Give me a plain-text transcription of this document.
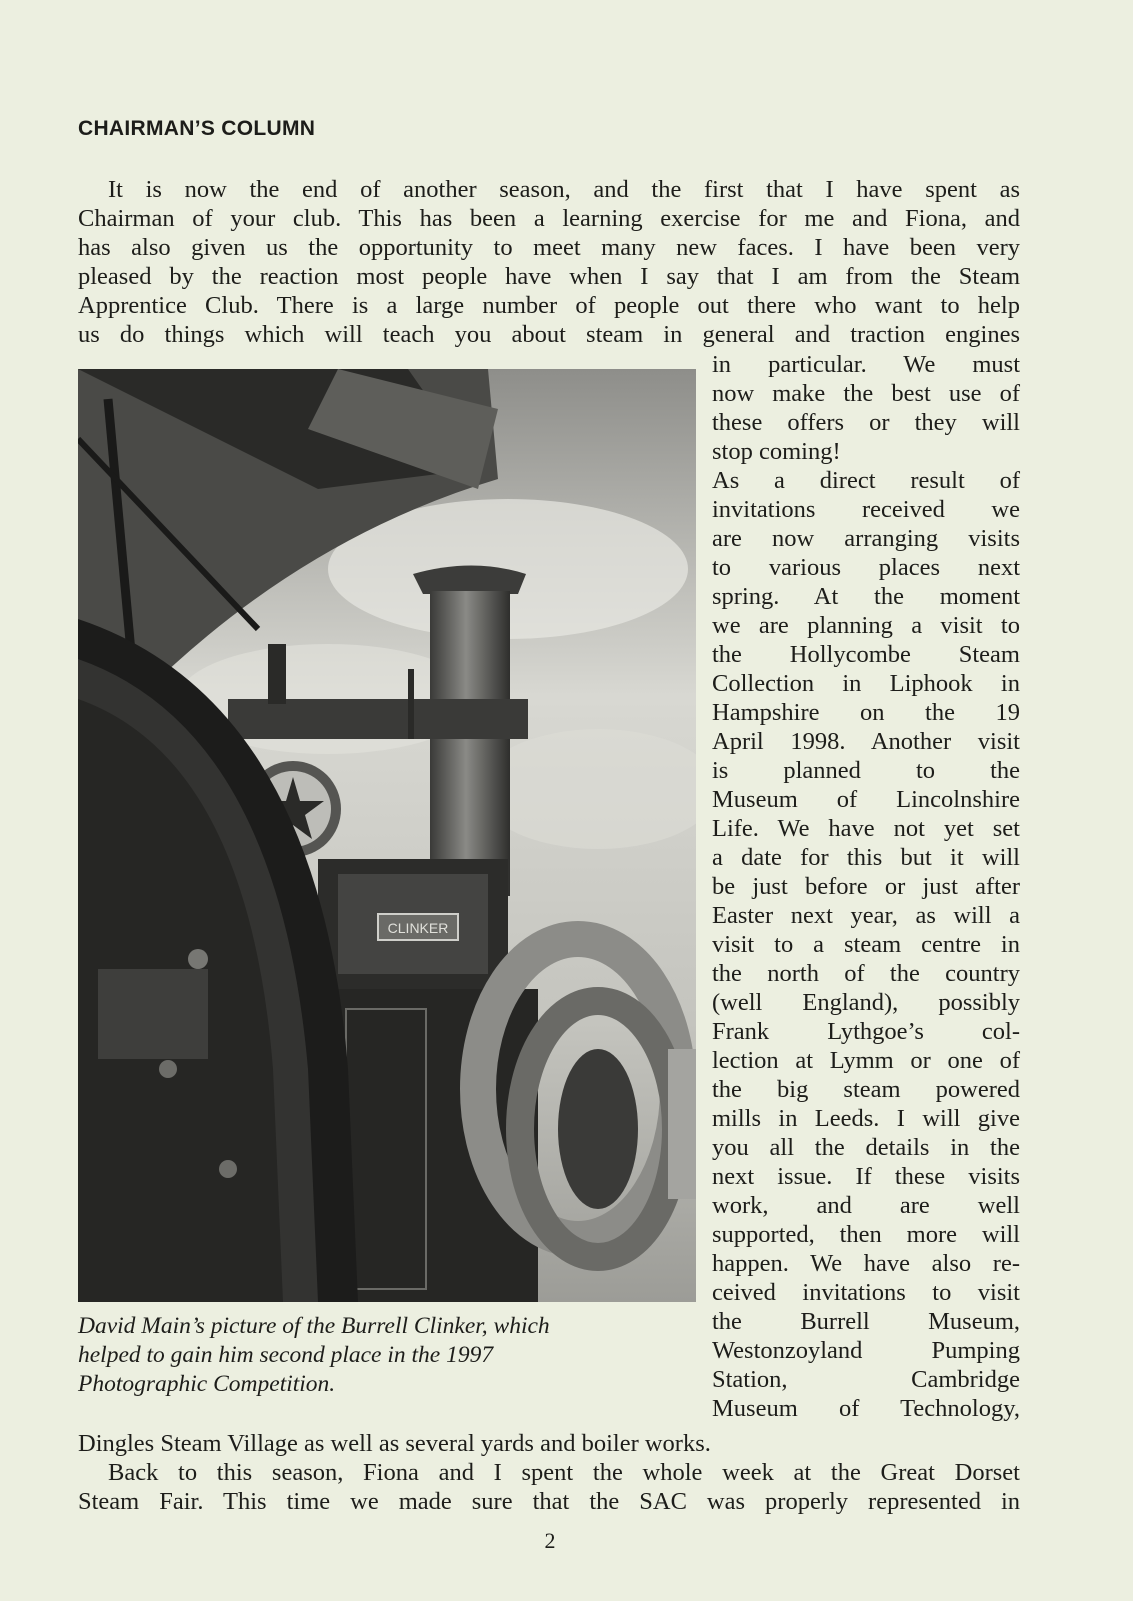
CHAIRMAN’S COLUMN
It is now the end of another season, and the first that I have spent as
Chairman of your club. This has been a learning exercise for me and Fiona, and
has also given us the opportunity to meet many new faces. I have been very
pleased by the reaction most people have when I say that I am from the Steam
Apprentice Club. There is a large number of people out there who want to help
us do things which will teach you about steam in general and traction engines
CLINKER
in particular. We must
now make the best use of
these offers or they will
stop coming!
As a direct result of
invitations received we
are now arranging visits
to various places next
spring. At the moment
we are planning a visit to
the Hollycombe Steam
Collection in Liphook in
Hampshire on the 19
April 1998. Another visit
is planned to the
Museum of Lincolnshire
Life. We have not yet set
a date for this but it will
be just before or just after
Easter next year, as will a
visit to a steam centre in
the north of the country
(well England), possibly
Frank Lythgoe’s col-
lection at Lymm or one of
the big steam powered
mills in Leeds. I will give
you all the details in the
next issue. If these visits
work, and are well
supported, then more will
happen. We have also re-
ceived invitations to visit
the Burrell Museum,
Westonzoyland Pumping
Station, Cambridge
Museum of Technology,
David Main’s picture of the Burrell Clinker, which
helped to gain him second place in the 1997
Photographic Competition.
Dingles Steam Village as well as several yards and boiler works.
Back to this season, Fiona and I spent the whole week at the Great Dorset
Steam Fair. This time we made sure that the SAC was properly represented in
2
